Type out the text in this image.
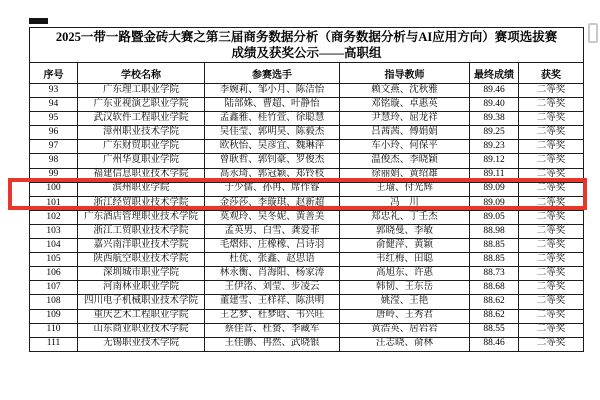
2025一带一路暨金砖大赛之第三届商务数据分析（商务数据分析与AI应用方向）赛项选拔赛
成绩及获奖公示——高职组					

序号	学校名称	参赛选手	指导教师	最终成绩	获奖
93	广东理工职业学院	李婉莉、邹小月、陈洁怡	赖文燕、沈秋雅	89.46	二等奖
94	广东亚视演艺职业学院	陆部姝、曹超、叶静怡	邓铭璇、卓惠英	89.40	二等奖
95	武汉软件工程职业学院	孟鑫雅、桂竹萱、徐聪慧	尹慧玲、屈龙祥	89.38	二等奖
96	漳州职业技术学院	吴佳莹、郭明昊、陈毅杰	吕茜茜、傅娟娟	89.25	二等奖
97	广东财贸职业学院	欧秋怡、吴彦宜、魏琳萍	车小玲、何保平	89.23	二等奖
98	广州华夏职业学院	曾耿哲、郭钊豪、罗俊杰	温俊杰、李晓颖	89.12	二等奖
99	福建信息职业技术学院	高永琦、郭冠颖、郑铃枝	徐丽娟、黄绍雄	89.11	二等奖
100	滨州职业学院	于少儒、孙冉、席作睿	王瑜、付光辉	89.09	二等奖
101	浙江经贸职业技术学院	金莎莎、李璇琪、赵新超	冯　川	89.09	二等奖
102	广东酒店管理职业技术学院	莫观玲、吴冬妮、黄善美	郑忠礼、丁壬杰	89.05	二等奖
103	浙江工贸职业技术学院	孟英男、白雪、龚爱菲	郭晓曼、李敏	88.98	二等奖
104	嘉兴南洋职业技术学院	毛熠炜、庄橡橡、吕诗羽	俞健萍、黄颖	88.85	二等奖
105	陕西航空职业技术学院	杜优、张鑫、赵思语	韦红梅、田聪	88.85	二等奖
106	深圳城市职业学院	林永衡、肖海阳、杨家涛	高旭东、许惠	88.73	二等奖
107	河南林业职业学院	王伊洺、刘莹、步凌云	韩韧、王东岳	88.68	二等奖
108	四川电子机械职业技术学院	董建雪、王样祥、陈洪明	姚滢、王艳	88.62	二等奖
109	重庆艺术工程职业学院	王艺梦、杜梦晗、韦兴旺	唐岭、王秀君	88.62	二等奖
110	山东商业职业技术学院	蔡佳音、杜赟、李藏军	黄浩英、居岩岩	88.55	二等奖
111	无锡职业技术学院	王佳鹏、冉然、武晓银	汪志晓、俞林	88.46	二等奖
